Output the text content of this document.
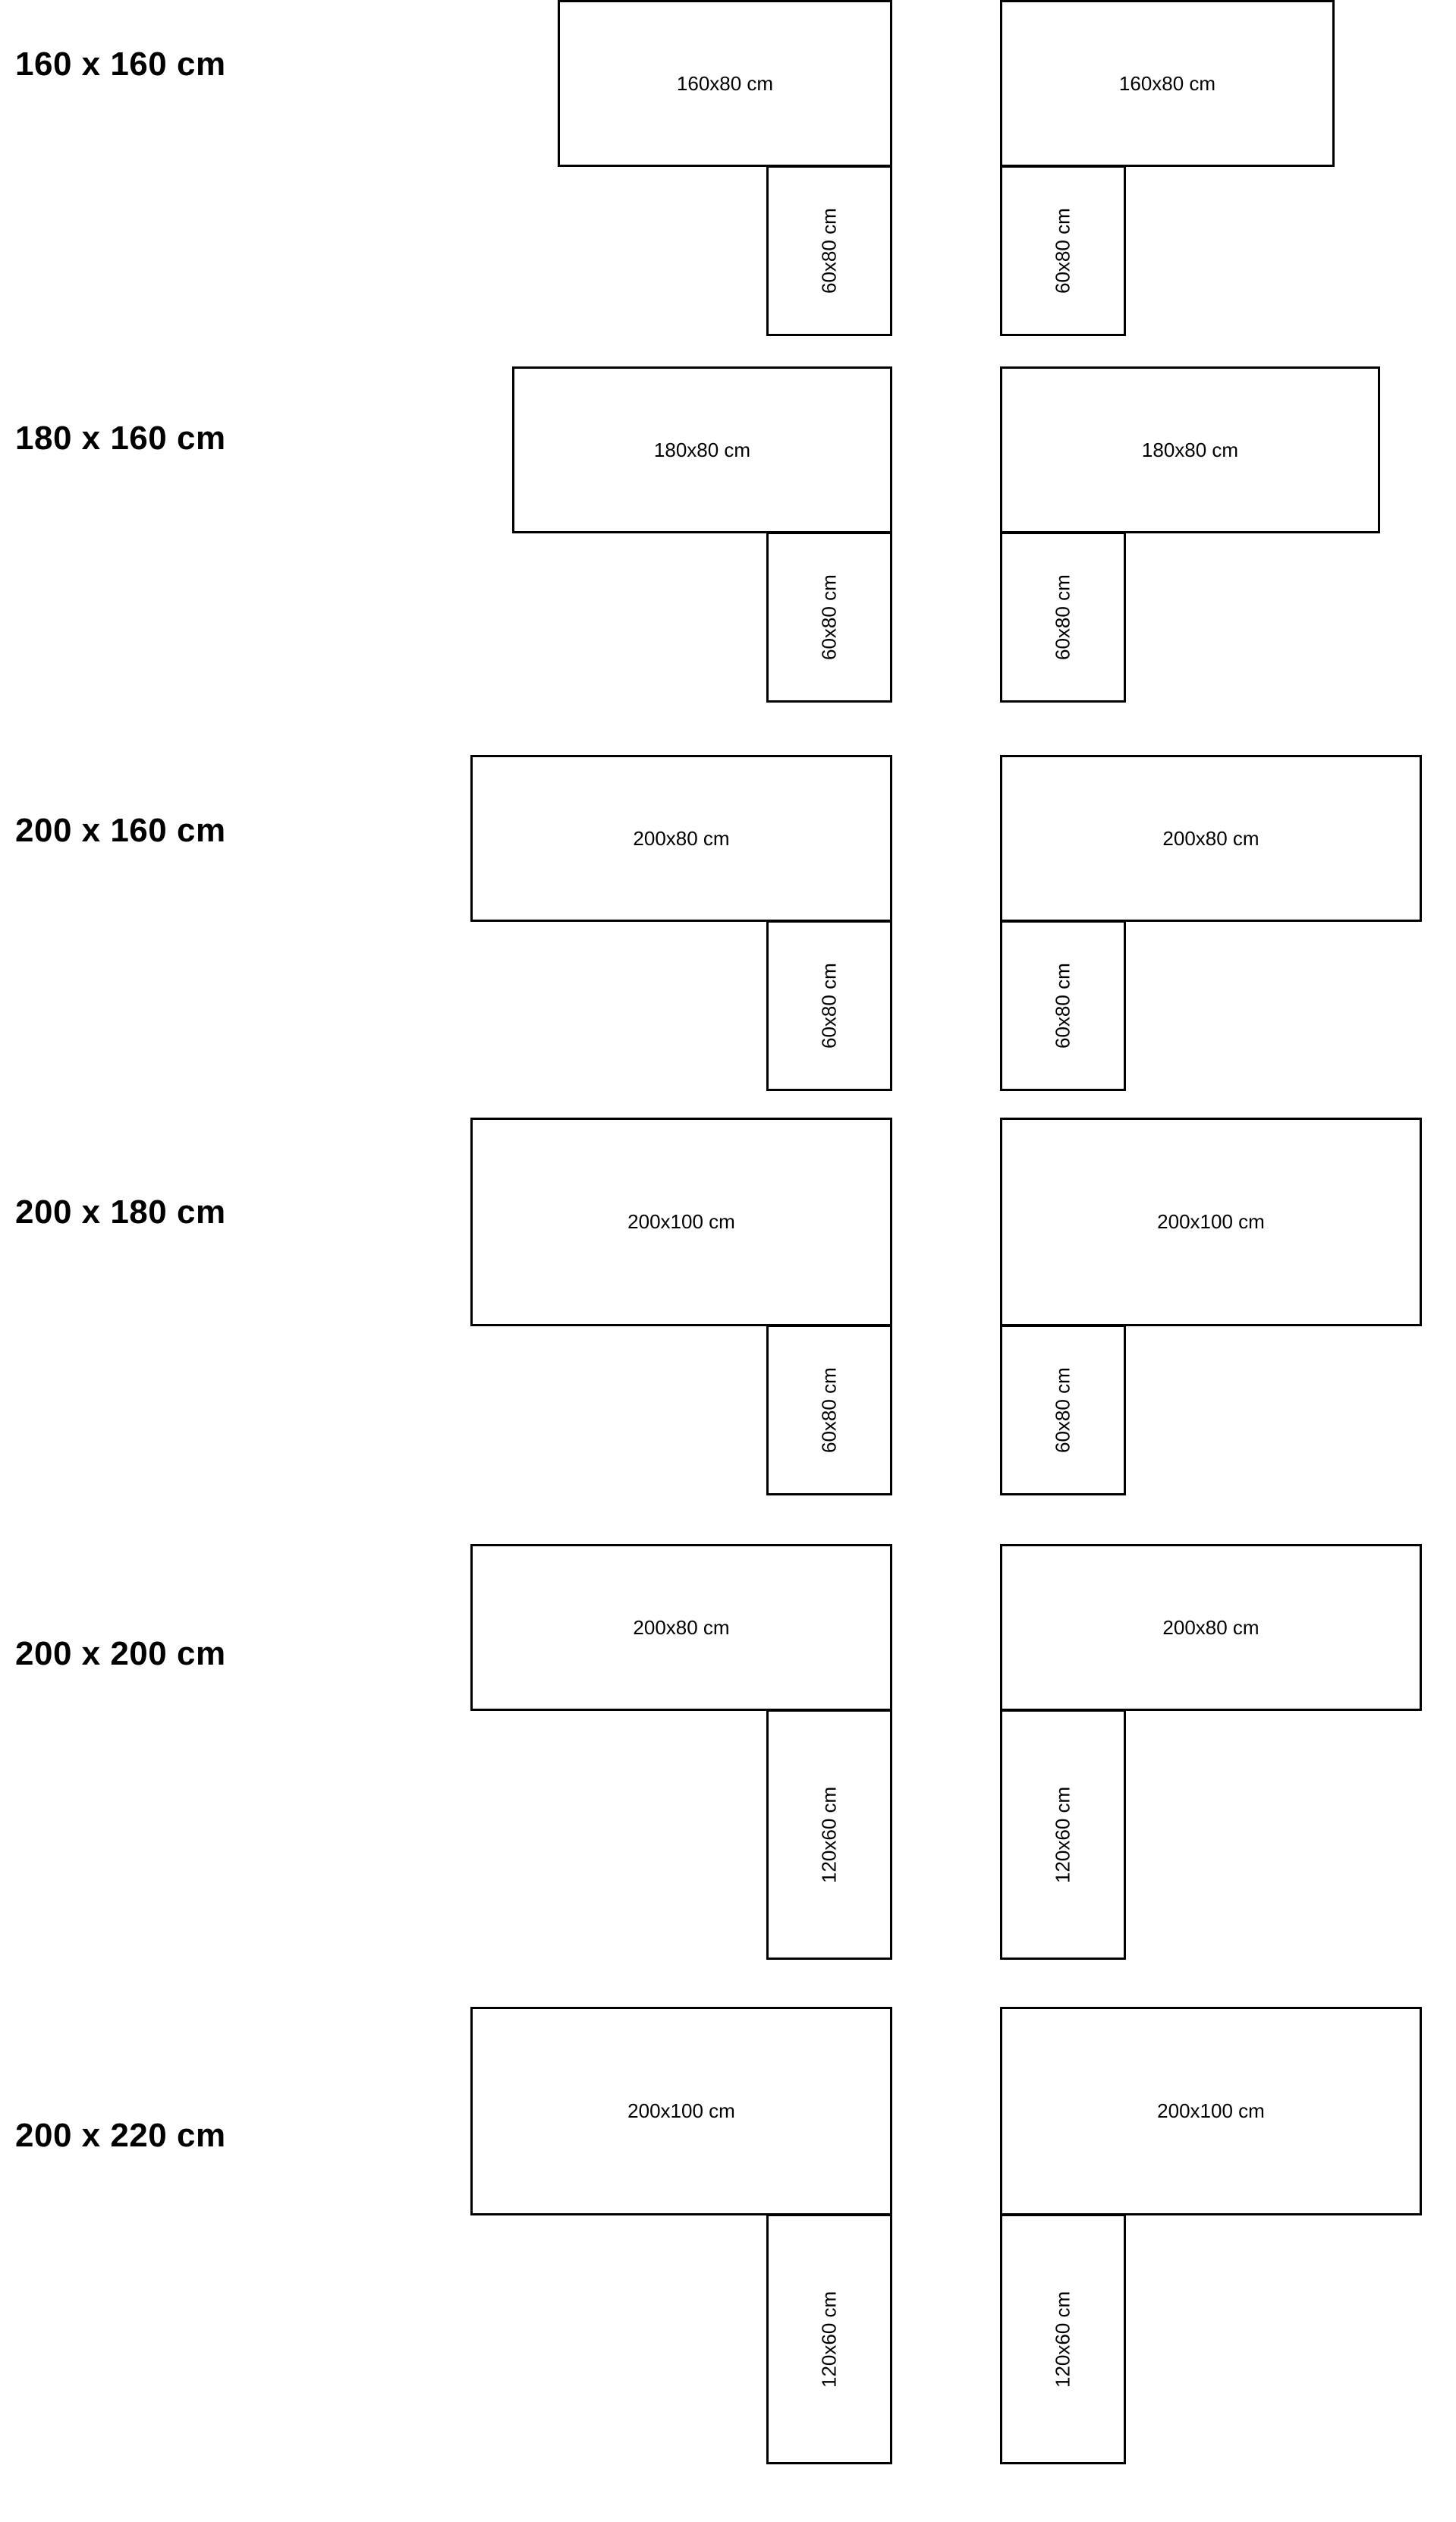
160 x 160 cm
160x80 cm
60x80 cm
160x80 cm
60x80 cm
180 x 160 cm	180x80 cm
60x80 cm
180x80 cm
60x80 cm
200 x 160 cm	200x80 cm
60x80 cm
200x80 cm
60x80 cm
200 x 180 cm	200x100 cm
60x80 cm
200x100 cm
60x80 cm
200 x 200 cm
200x80 cm
120x60 cm
200x80 cm
120x60 cm
200 x 220 cm
200x100 cm
120x60 cm
200x100 cm
120x60 cm
